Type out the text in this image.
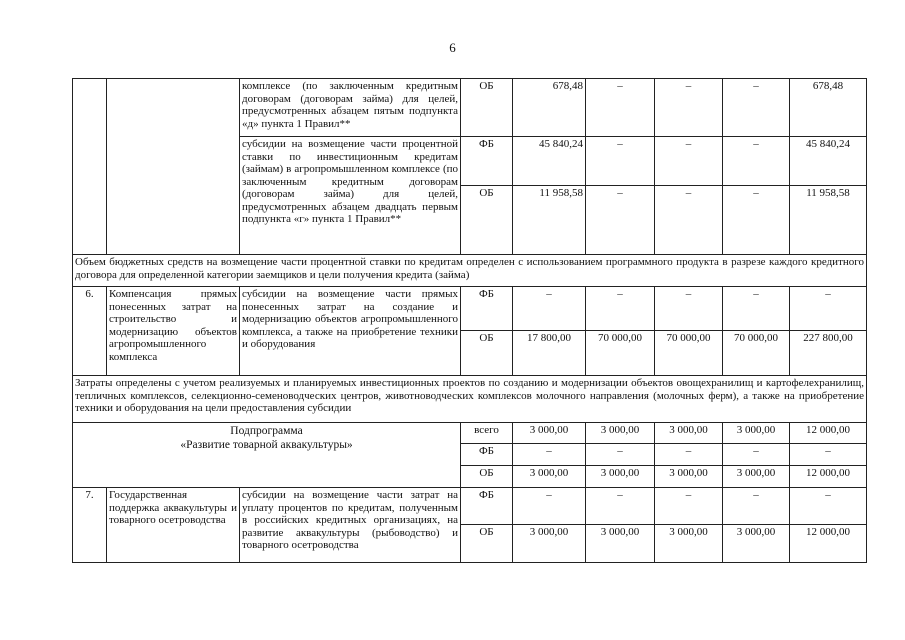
6
		комплексе (по заключенным кредитным договорам (договорам займа) для целей, предусмотренных абзацем пятым подпункта «д» пункта 1 Правил**	ОБ	678,48	–	–	–	678,48
		субсидии на возмещение части процентной ставки по инвестиционным кредитам (займам) в агропромышленном комплексе (по заключенным кредитным договорам (договорам займа) для целей, предусмотренных абзацем двадцать первым подпункта «г» пункта 1 Правил**	ФБ	45 840,24	–	–	–	45 840,24
			ОБ	11 958,58	–	–	–	11 958,58
Объем бюджетных средств на возмещение части процентной ставки по кредитам определен с использованием программного продукта в разрезе каждого кредитного договора для определенной категории заемщиков и цели получения кредита (займа)								
6.	Компенсация прямых понесенных затрат на строительство и модернизацию объектов агропромышленного комплекса	субсидии на возмещение части прямых понесенных затрат на создание и модернизацию объектов агропромышленного комплекса, а также на приобретение техники и оборудования	ФБ	–	–	–	–	–
			ОБ	17 800,00	70 000,00	70 000,00	70 000,00	227 800,00
Затраты определены с учетом реализуемых и планируемых инвестиционных проектов по созданию и модернизации объектов овощехранилищ и картофелехранилищ, тепличных комплексов, селекционно-семеноводческих центров, животноводческих комплексов молочного направления (молочных ферм), а также на приобретение техники и оборудования на цели предоставления субсидии								

Подпрограмма
«Развитие товарной аквакультуры»			всего	3 000,00	3 000,00	3 000,00	3 000,00	12 000,00
			ФБ	–	–	–	–	–
			ОБ	3 000,00	3 000,00	3 000,00	3 000,00	12 000,00
7.	Государственная поддержка аквакультуры и товарного осетроводства	субсидии на возмещение части затрат на уплату процентов по кредитам, полученным в российских кредитных организациях, на развитие аквакультуры (рыбоводство) и товарного осетроводства	ФБ	–	–	–	–	–
			ОБ	3 000,00	3 000,00	3 000,00	3 000,00	12 000,00
